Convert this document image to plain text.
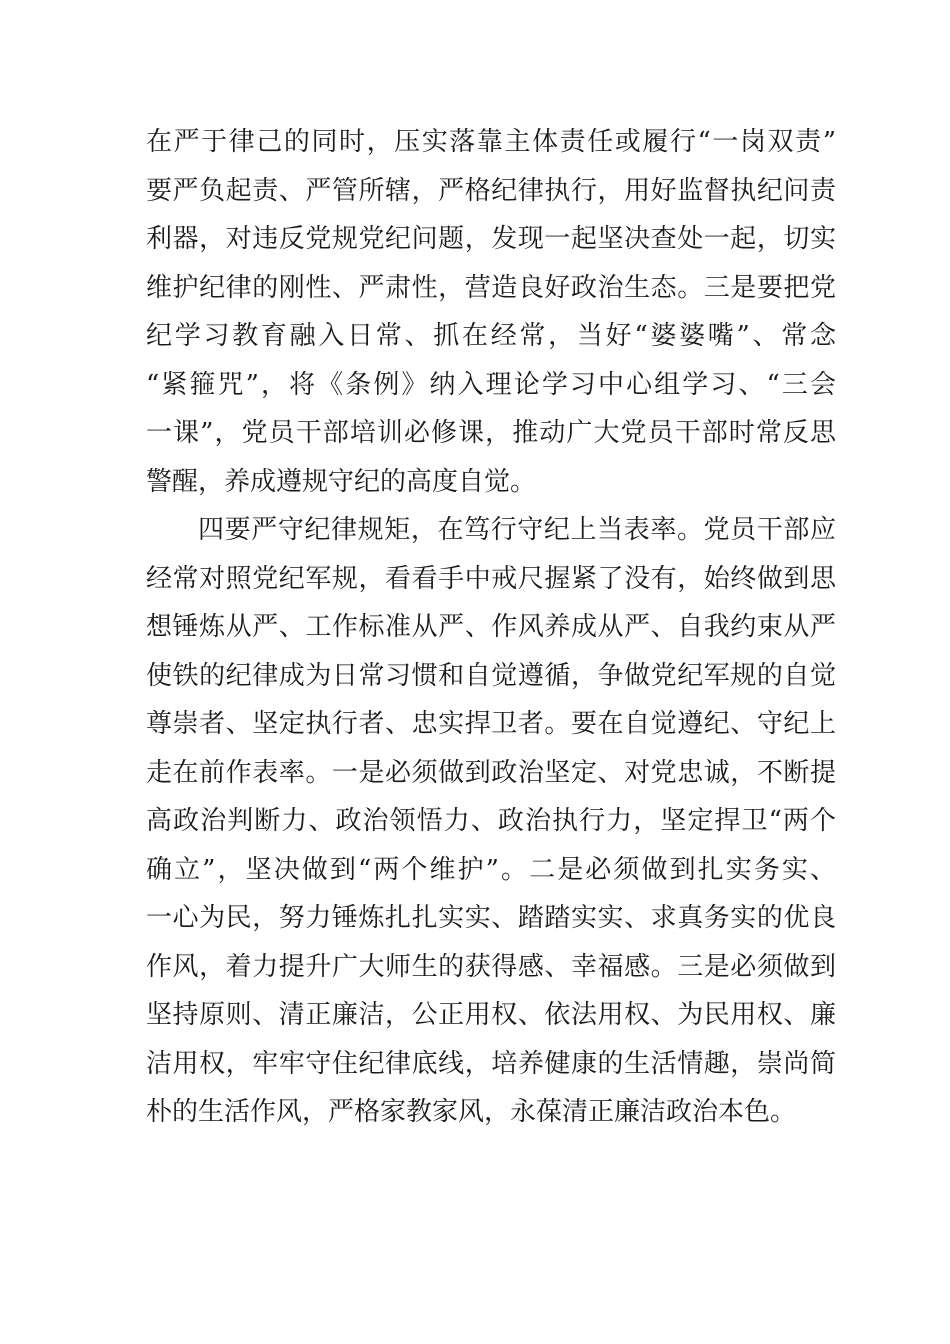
在严于律己的同时，压实落靠主体责任或履行“一岗双责”
要严负起责、严管所辖，严格纪律执行，用好监督执纪问责
利器，对违反党规党纪问题，发现一起坚决查处一起，切实
维护纪律的刚性、严肃性，营造良好政治生态。三是要把党
纪学习教育融入日常、抓在经常，当好“婆婆嘴”、常念
“紧箍咒”，将《条例》纳入理论学习中心组学习、“三会
一课”，党员干部培训必修课，推动广大党员干部时常反思
警醒，养成遵规守纪的高度自觉。
四要严守纪律规矩，在笃行守纪上当表率。党员干部应
经常对照党纪军规，看看手中戒尺握紧了没有，始终做到思
想锤炼从严、工作标准从严、作风养成从严、自我约束从严
使铁的纪律成为日常习惯和自觉遵循，争做党纪军规的自觉
尊崇者、坚定执行者、忠实捍卫者。要在自觉遵纪、守纪上
走在前作表率。一是必须做到政治坚定、对党忠诚，不断提
高政治判断力、政治领悟力、政治执行力，坚定捍卫“两个
确立”，坚决做到“两个维护”。二是必须做到扎实务实、
一心为民，努力锤炼扎扎实实、踏踏实实、求真务实的优良
作风，着力提升广大师生的获得感、幸福感。三是必须做到
坚持原则、清正廉洁，公正用权、依法用权、为民用权、廉
洁用权，牢牢守住纪律底线，培养健康的生活情趣，崇尚简
朴的生活作风，严格家教家风，永葆清正廉洁政治本色。
